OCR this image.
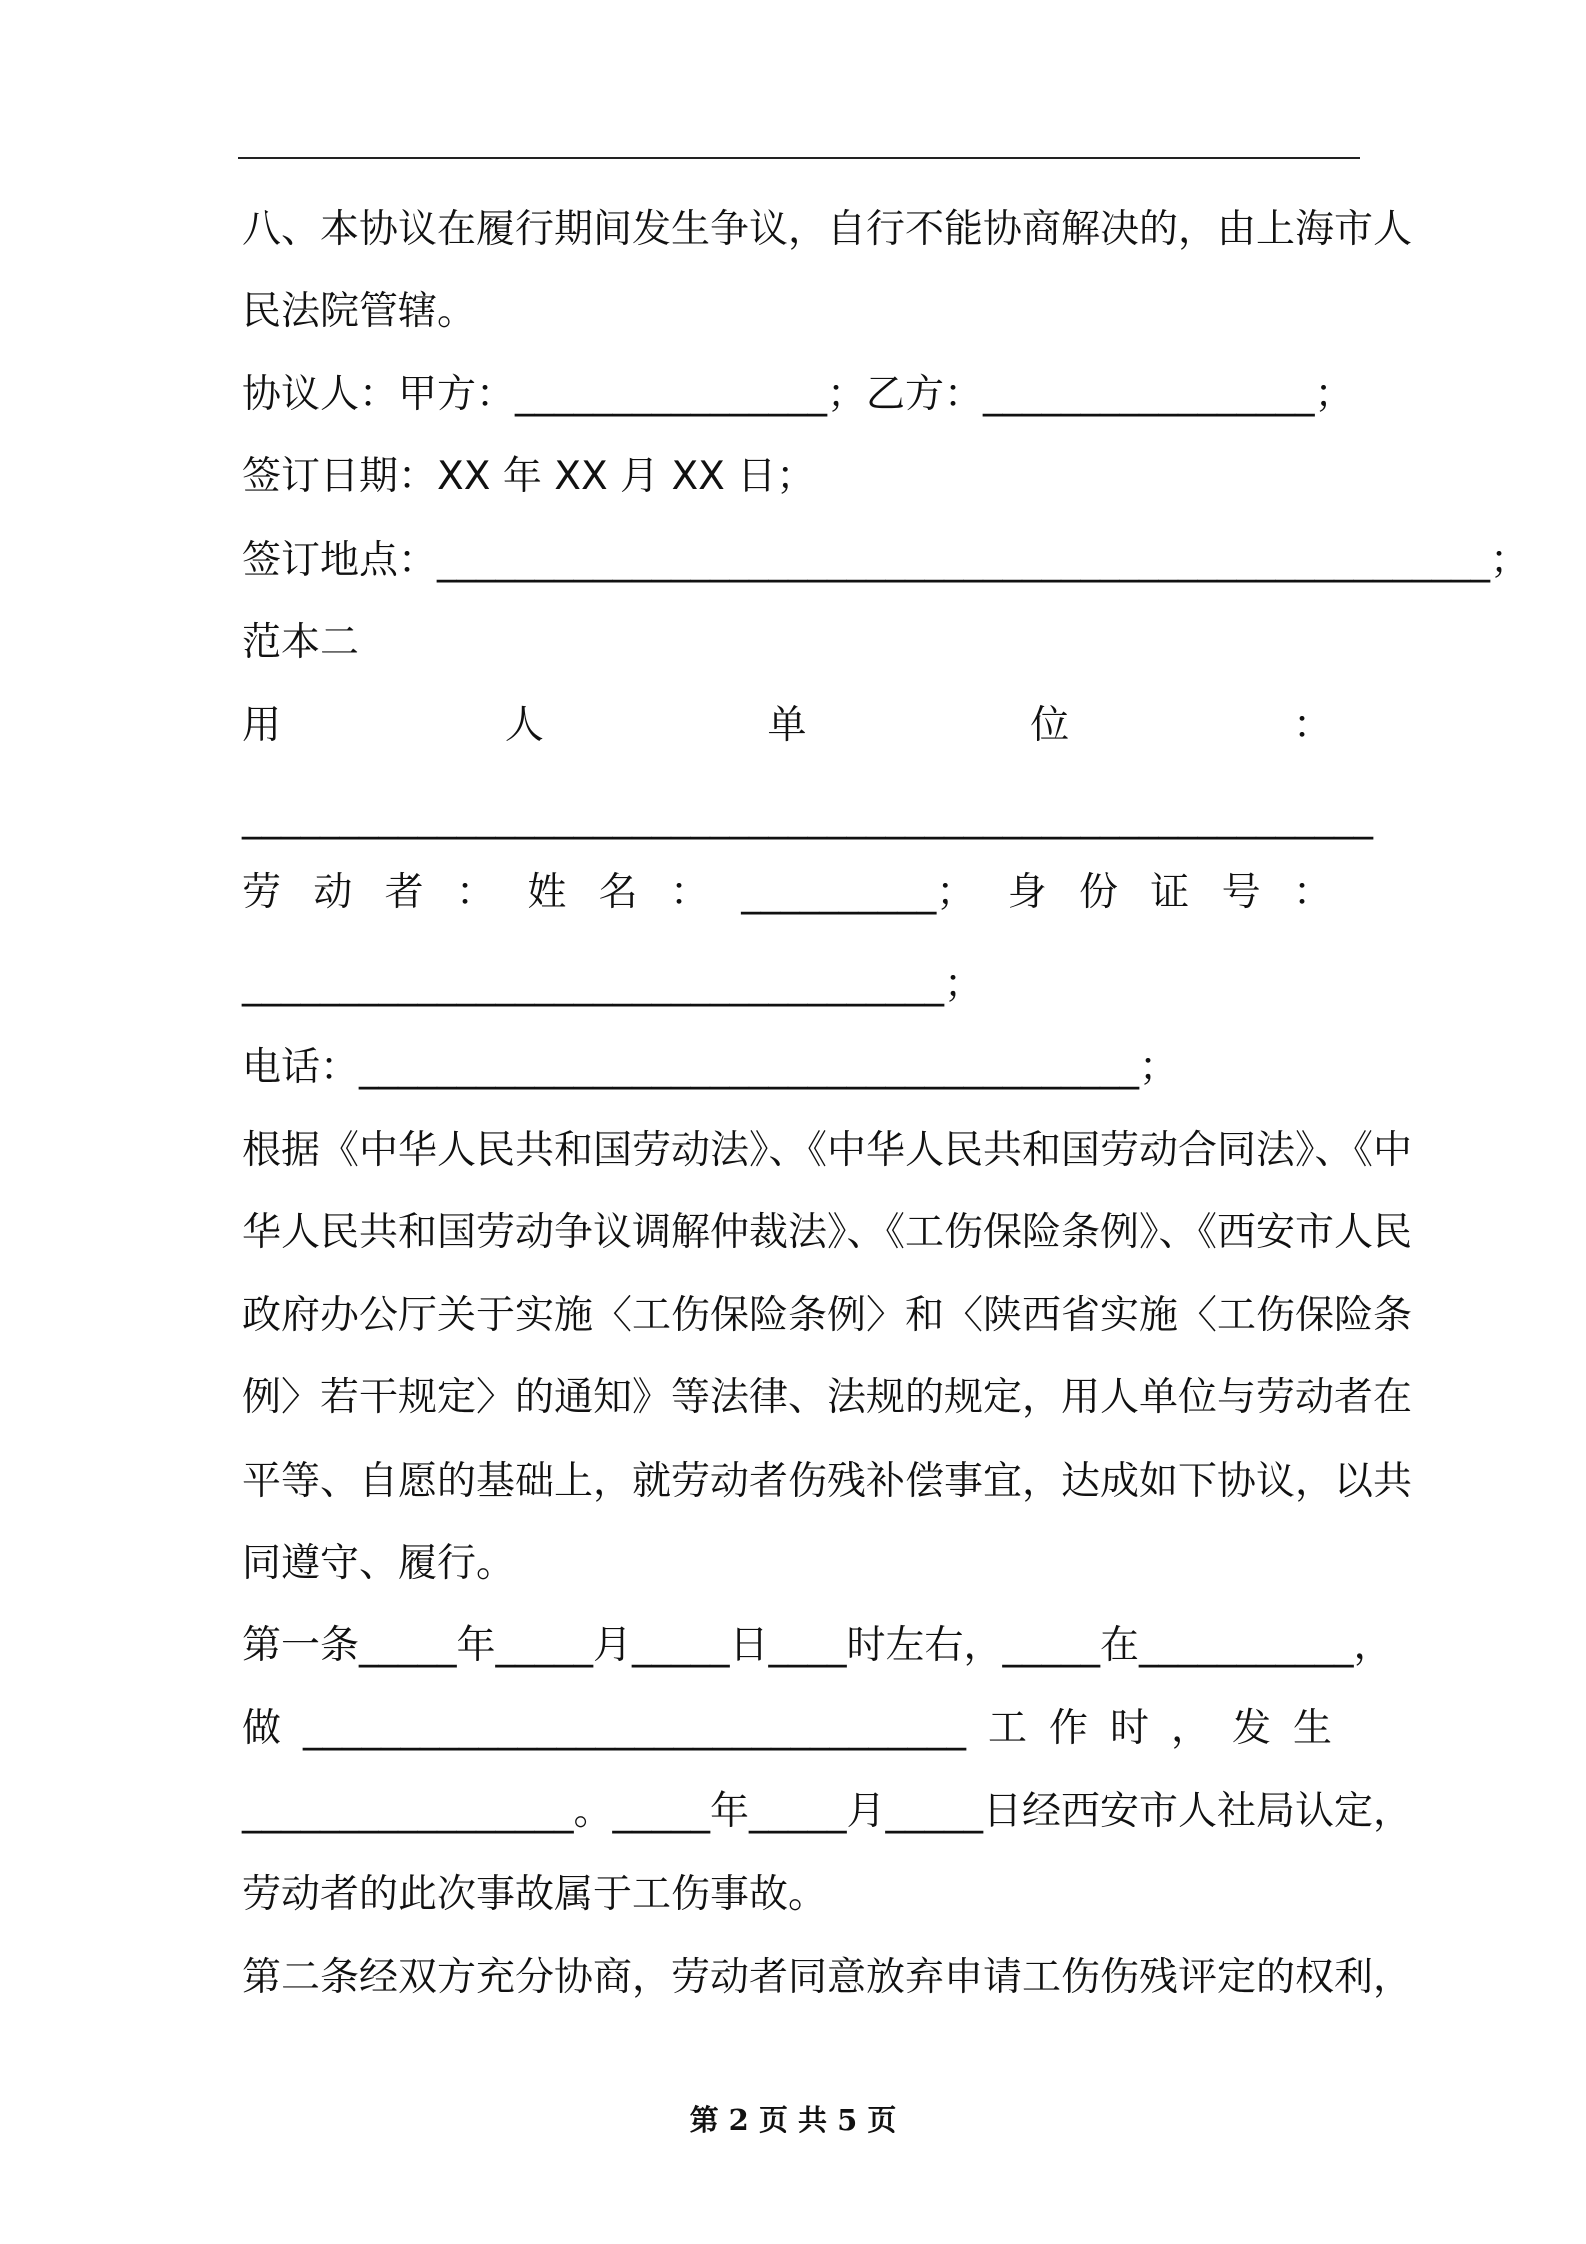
八、本协议在履行期间发生争议，自行不能协商解决的，由上海市人
民法院管辖。
协议人：甲方：________________；乙方：_________________；
签订日期：XX 年 XX 月 XX 日；
签订地点：______________________________________________________；
范本二
用	人	单	位	：
__________________________________________________________
劳 动 者 ： 姓 名 ： __________； 身 份 证 号 ：
____________________________________；
电话：________________________________________；
根据《中华人民共和国劳动法》、《中华人民共和国劳动合同法》、《中
华人民共和国劳动争议调解仲裁法》、《工伤保险条例》、《西安市人民
政府办公厅关于实施〈工伤保险条例〉和〈陕西省实施〈工伤保险条
例〉若干规定〉的通知》等法律、法规的规定，用人单位与劳动者在
平等、自愿的基础上，就劳动者伤残补偿事宜，达成如下协议，以共
同遵守、履行。
第一条_____年_____月_____日____时左右，_____在___________，
做 __________________________________ 工 作 时 ， 发 生
_________________。_____年_____月_____日经西安市人社局认定，
劳动者的此次事故属于工伤事故。
第二条经双方充分协商，劳动者同意放弃申请工伤伤残评定的权利，
第 2 页 共 5 页
